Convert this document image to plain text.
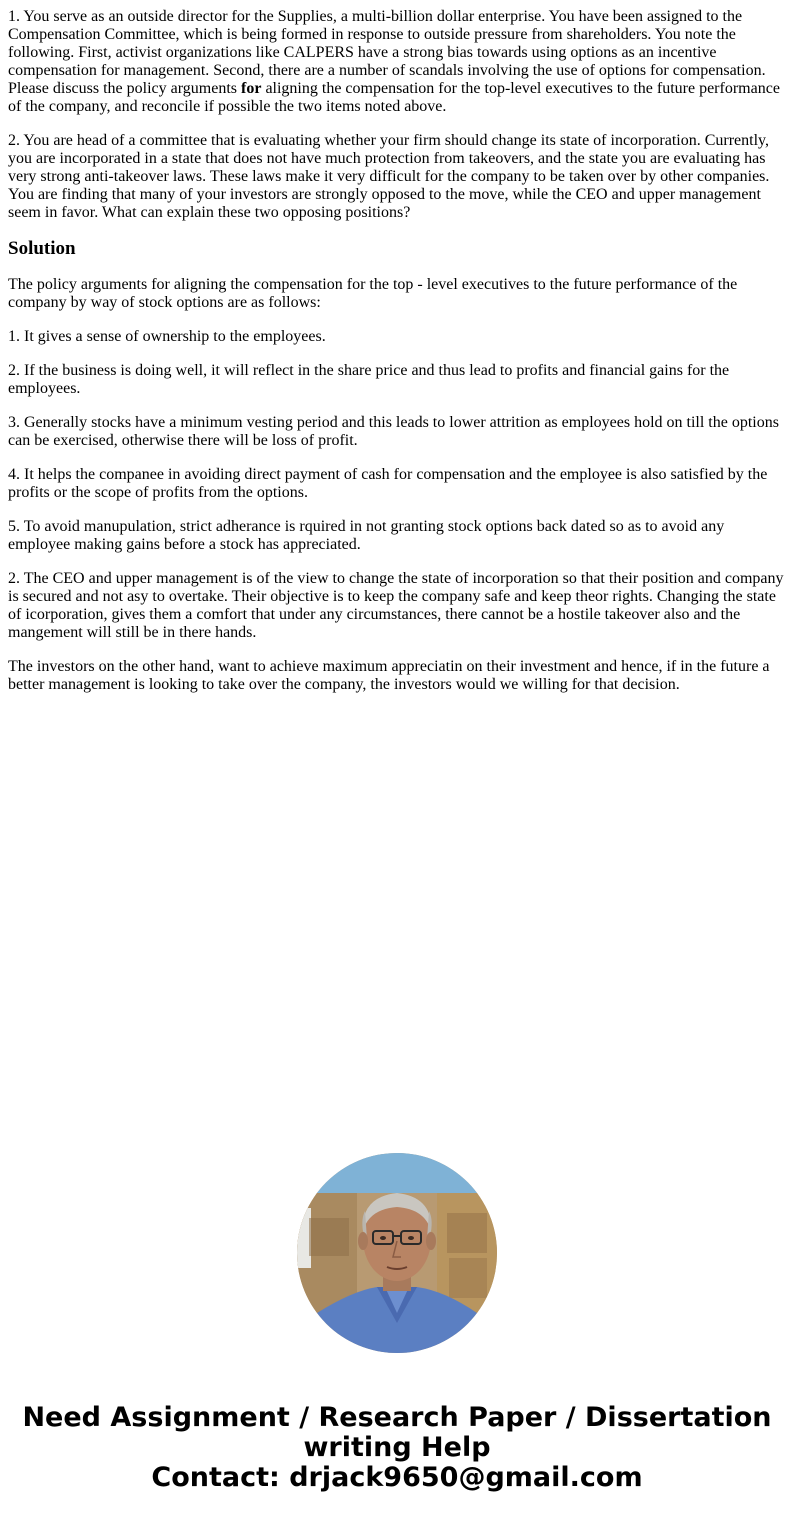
1. You serve as an outside director for the Supplies, a multi-billion dollar enterprise. You have been assigned to the Compensation Committee, which is being formed in response to outside pressure from shareholders. You note the following. First, activist organizations like CALPERS have a strong bias towards using options as an incentive compensation for management. Second, there are a number of scandals involving the use of options for compensation. Please discuss the policy arguments for aligning the compensation for the top-level executives to the future performance of the company, and reconcile if possible the two items noted above.

2. You are head of a committee that is evaluating whether your firm should change its state of incorporation. Currently, you are incorporated in a state that does not have much protection from takeovers, and the state you are evaluating has very strong anti-takeover laws. These laws make it very difficult for the company to be taken over by other companies. You are finding that many of your investors are strongly opposed to the move, while the CEO and upper management seem in favor. What can explain these two opposing positions?

Solution

The policy arguments for aligning the compensation for the top - level executives to the future performance of the company by way of stock options are as follows:

1. It gives a sense of ownership to the employees.

2. If the business is doing well, it will reflect in the share price and thus lead to profits and financial gains for the employees.

3. Generally stocks have a minimum vesting period and this leads to lower attrition as employees hold on till the options can be exercised, otherwise there will be loss of profit.

4. It helps the companee in avoiding direct payment of cash for compensation and the employee is also satisfied by the profits or the scope of profits from the options.

5. To avoid manupulation, strict adherance is rquired in not granting stock options back dated so as to avoid any employee making gains before a stock has appreciated.

2. The CEO and upper management is of the view to change the state of incorporation so that their position and company is secured and not asy to overtake. Their objective is to keep the company safe and keep theor rights. Changing the state of icorporation, gives them a comfort that under any circumstances, there cannot be a hostile takeover also and the mangement will still be in there hands.

The investors on the other hand, want to achieve maximum appreciatin on their investment and hence, if in the future a better management is looking to take over the company, the investors would we willing for that decision.

Need Assignment / Research Paper / Dissertation
writing Help
Contact: drjack9650@gmail.com
